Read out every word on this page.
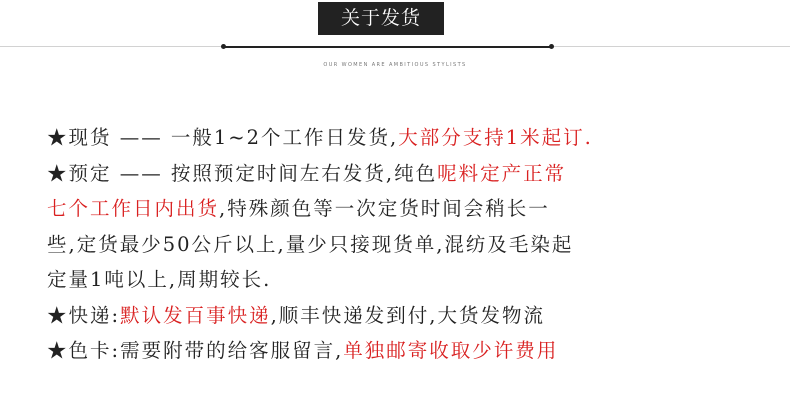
关于发货
OUR WOMEN ARE AMBITIOUS STYLISTS
★现货 —— 一般1~2个工作日发货,大部分支持1米起订.
★预定 —— 按照预定时间左右发货,纯色呢料定产正常
七个工作日内出货,特殊颜色等一次定货时间会稍长一
些,定货最少50公斤以上,量少只接现货单,混纺及毛染起
定量1吨以上,周期较长.
★快递:默认发百事快递,顺丰快递发到付,大货发物流
★色卡:需要附带的给客服留言,单独邮寄收取少许费用
